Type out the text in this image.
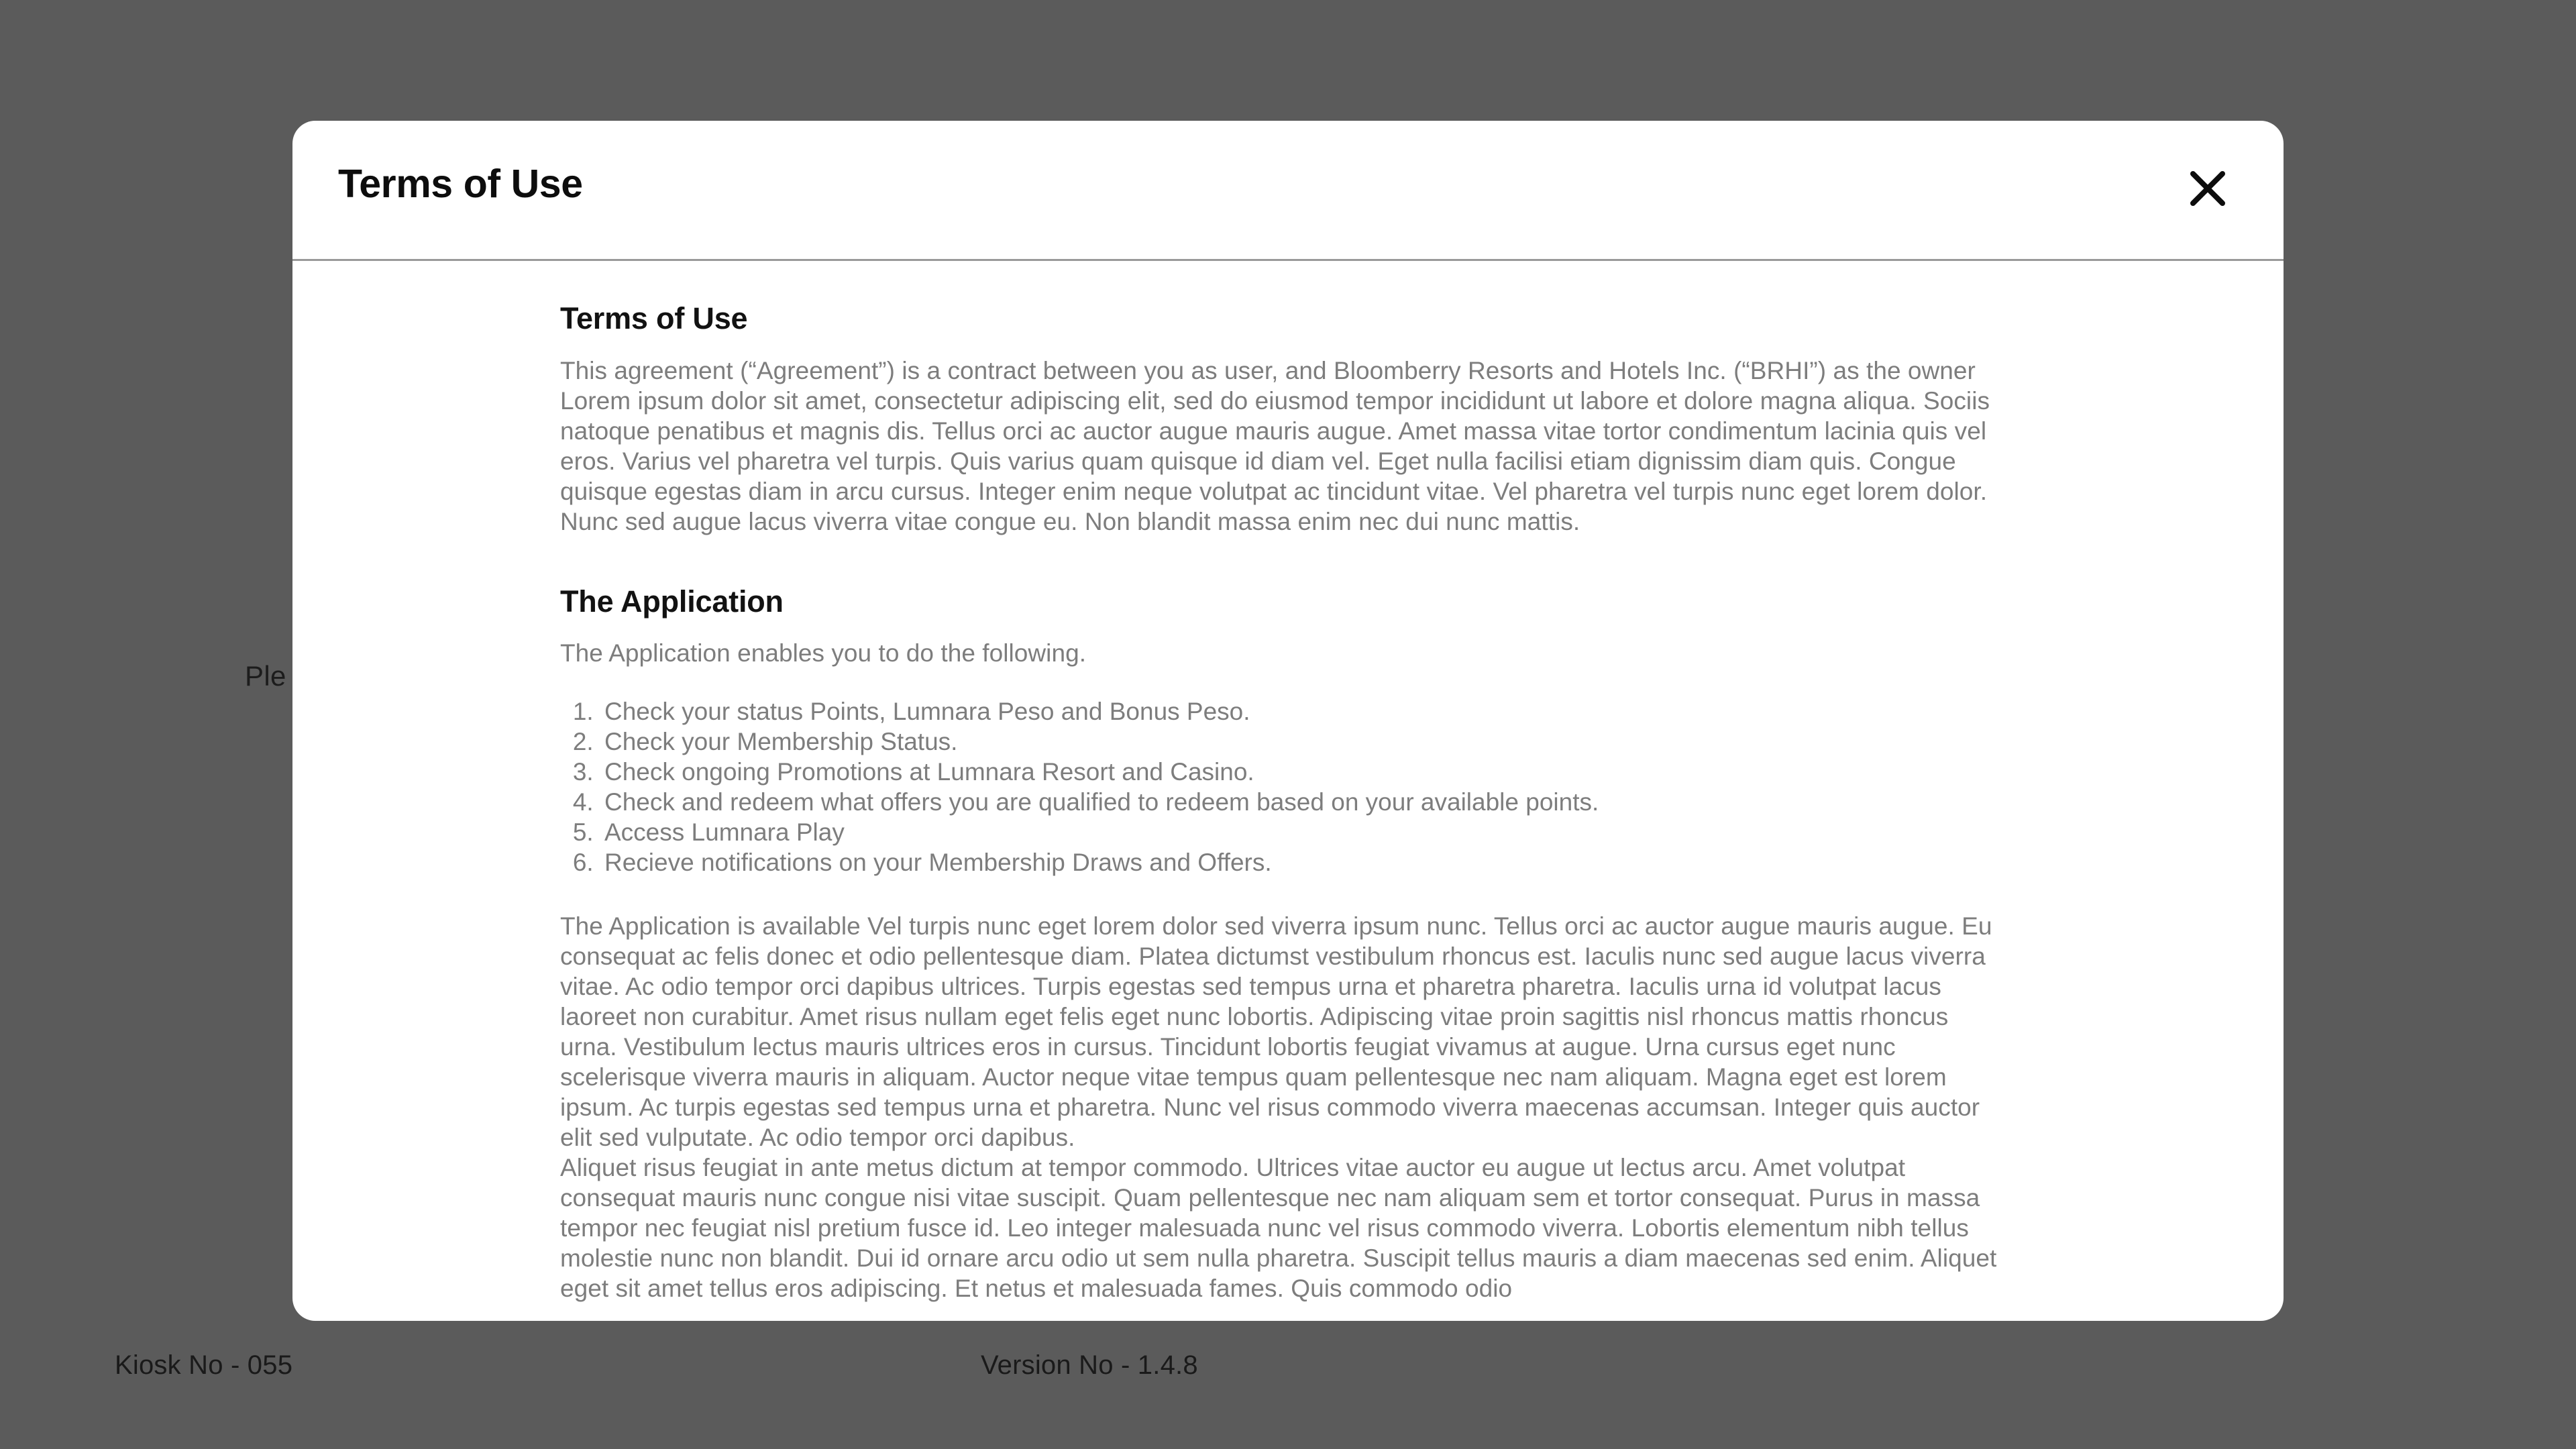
Ple
Kiosk No - 055	Version No - 1.4.8
Terms of Use
Terms of Use

This agreement (“Agreement”) is a contract between you as user, and Bloomberry Resorts and Hotels Inc. (“BRHI”) as the owner Lorem ipsum dolor sit amet, consectetur adipiscing elit, sed do eiusmod tempor incididunt ut labore et dolore magna aliqua. Sociis natoque penatibus et magnis dis. Tellus orci ac auctor augue mauris augue. Amet massa vitae tortor condimentum lacinia quis vel eros. Varius vel pharetra vel turpis. Quis varius quam quisque id diam vel. Eget nulla facilisi etiam dignissim diam quis. Congue quisque egestas diam in arcu cursus. Integer enim neque volutpat ac tincidunt vitae. Vel pharetra vel turpis nunc eget lorem dolor. Nunc sed augue lacus viverra vitae congue eu. Non blandit massa enim nec dui nunc mattis.

The Application

The Application enables you to do the following.

1. Check your status Points, Lumnara Peso and Bonus Peso.
2. Check your Membership Status.
3. Check ongoing Promotions at Lumnara Resort and Casino.
4. Check and redeem what offers you are qualified to redeem based on your available points.
5. Access Lumnara Play
6. Recieve notifications on your Membership Draws and Offers.

The Application is available Vel turpis nunc eget lorem dolor sed viverra ipsum nunc. Tellus orci ac auctor augue mauris augue. Eu consequat ac felis donec et odio pellentesque diam. Platea dictumst vestibulum rhoncus est. Iaculis nunc sed augue lacus viverra vitae. Ac odio tempor orci dapibus ultrices. Turpis egestas sed tempus urna et pharetra pharetra. Iaculis urna id volutpat lacus laoreet non curabitur. Amet risus nullam eget felis eget nunc lobortis. Adipiscing vitae proin sagittis nisl rhoncus mattis rhoncus urna. Vestibulum lectus mauris ultrices eros in cursus. Tincidunt lobortis feugiat vivamus at augue. Urna cursus eget nunc scelerisque viverra mauris in aliquam. Auctor neque vitae tempus quam pellentesque nec nam aliquam. Magna eget est lorem ipsum. Ac turpis egestas sed tempus urna et pharetra. Nunc vel risus commodo viverra maecenas accumsan. Integer quis auctor elit sed vulputate. Ac odio tempor orci dapibus.

Aliquet risus feugiat in ante metus dictum at tempor commodo. Ultrices vitae auctor eu augue ut lectus arcu. Amet volutpat consequat mauris nunc congue nisi vitae suscipit. Quam pellentesque nec nam aliquam sem et tortor consequat. Purus in massa tempor nec feugiat nisl pretium fusce id. Leo integer malesuada nunc vel risus commodo viverra. Lobortis elementum nibh tellus molestie nunc non blandit. Dui id ornare arcu odio ut sem nulla pharetra. Suscipit tellus mauris a diam maecenas sed enim. Aliquet eget sit amet tellus eros adipiscing. Et netus et malesuada fames. Quis commodo odio
